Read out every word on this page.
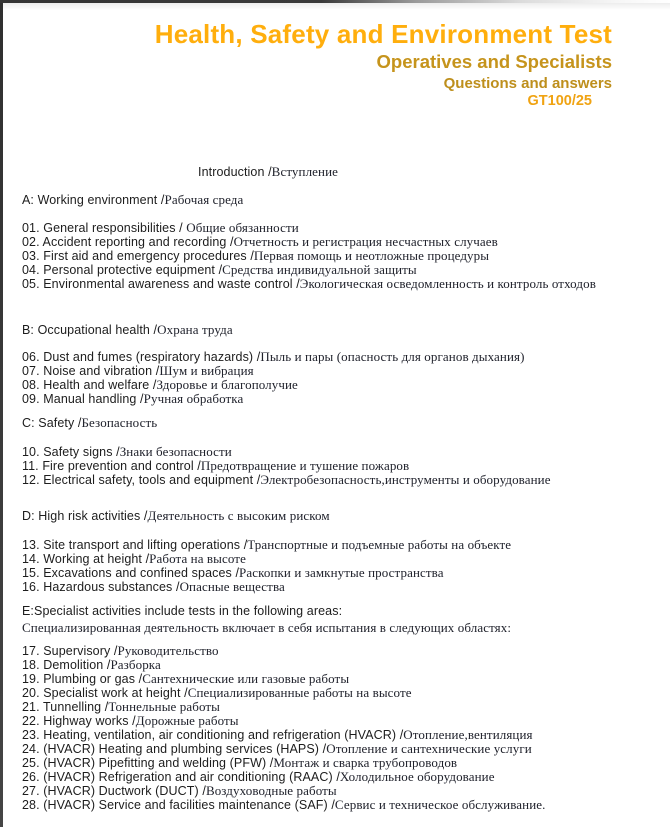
Health, Safety and Environment Test
Operatives and Specialists
Questions and answers
GT100/25
Introduction /Вступление
A: Working environment /Рабочая среда
01. General responsibilities / Общие обязанности
02. Accident reporting and recording /Отчетность и регистрация несчастных случаев
03. First aid and emergency procedures /Первая помощь и неотложные процедуры
04. Personal protective equipment /Средства индивидуальной защиты
05. Environmental awareness and waste control /Экологическая осведомленность и контроль отходов
B: Occupational health /Охрана труда
06. Dust and fumes (respiratory hazards) /Пыль и пары (опасность для органов дыхания)
07. Noise and vibration /Шум и вибрация
08. Health and welfare /Здоровье и благополучие
09. Manual handling /Ручная обработка
C: Safety /Безопасность
10. Safety signs /Знаки безопасности
11. Fire prevention and control /Предотвращение и тушение пожаров
12. Electrical safety, tools and equipment /Электробезопасность,инструменты и оборудование
D: High risk activities /Деятельность с высоким риском
13. Site transport and lifting operations /Транспортные и подъемные работы на объекте
14. Working at height /Работа на высоте
15. Excavations and confined spaces /Раскопки и замкнутые пространства
16. Hazardous substances /Опасные вещества
E:Specialist activities include tests in the following areas:
Специализированная деятельность включает в себя испытания в следующих областях:
17. Supervisory /Руководительство
18. Demolition /Разборка
19. Plumbing or gas /Сантехнические или газовые работы
20. Specialist work at height /Специализированные работы на высоте
21. Tunnelling /Тоннельные работы
22. Highway works /Дорожные работы
23. Heating, ventilation, air conditioning and refrigeration (HVACR) /Отопление,вентиляция
24. (HVACR) Heating and plumbing services (HAPS) /Отопление и сантехнические услуги
25. (HVACR) Pipefitting and welding (PFW) /Монтаж и сварка трубопроводов
26. (HVACR) Refrigeration and air conditioning (RAAC) /Холодильное оборудование
27. (HVACR) Ductwork (DUCT) /Воздуховодные работы
28. (HVACR) Service and facilities maintenance (SAF) /Сервис и техническое обслуживание.
